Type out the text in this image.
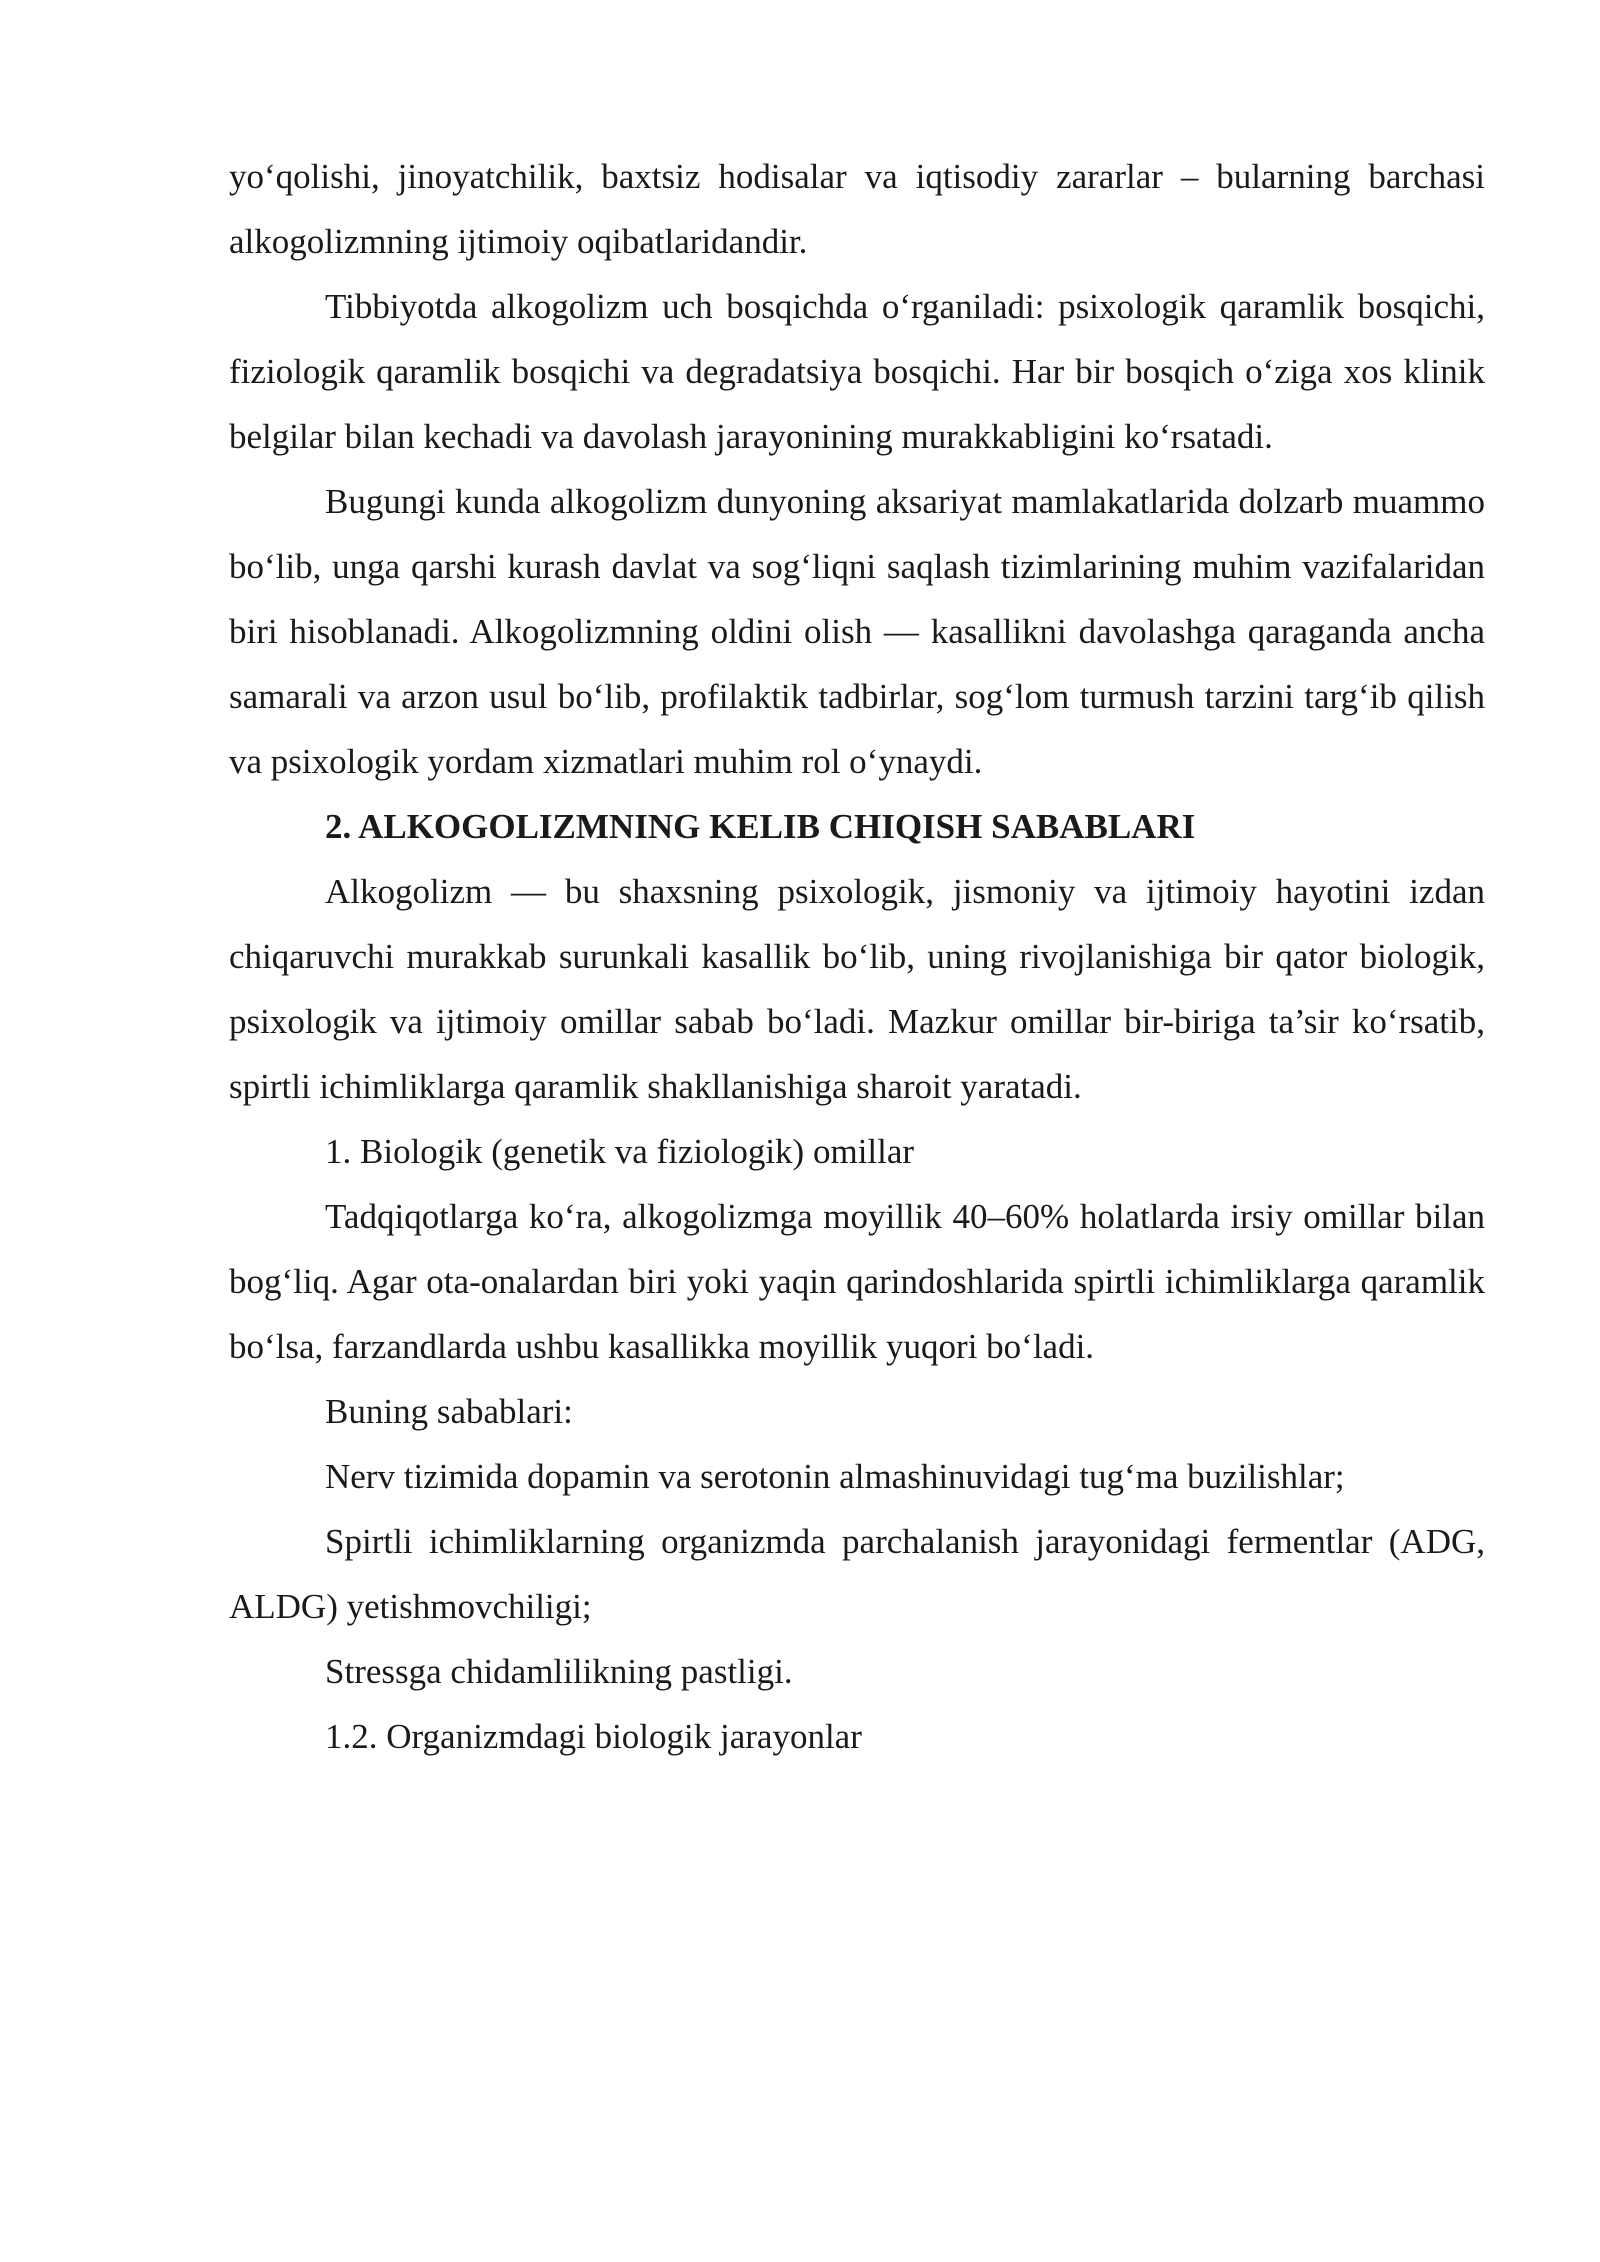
yo‘qolishi, jinoyatchilik, baxtsiz hodisalar va iqtisodiy zararlar – bularning barchasi alkogolizmning ijtimoiy oqibatlaridandir.

Tibbiyotda alkogolizm uch bosqichda o‘rganiladi: psixologik qaramlik bosqichi, fiziologik qaramlik bosqichi va degradatsiya bosqichi. Har bir bosqich o‘ziga xos klinik belgilar bilan kechadi va davolash jarayonining murakkabligini ko‘rsatadi.

Bugungi kunda alkogolizm dunyoning aksariyat mamlakatlarida dolzarb muammo bo‘lib, unga qarshi kurash davlat va sog‘liqni saqlash tizimlarining muhim vazifalaridan biri hisoblanadi. Alkogolizmning oldini olish — kasallikni davolashga qaraganda ancha samarali va arzon usul bo‘lib, profilaktik tadbirlar, sog‘lom turmush tarzini targ‘ib qilish va psixologik yordam xizmatlari muhim rol o‘ynaydi.

2. ALKOGOLIZMNING KELIB CHIQISH SABABLARI

Alkogolizm — bu shaxsning psixologik, jismoniy va ijtimoiy hayotini izdan chiqaruvchi murakkab surunkali kasallik bo‘lib, uning rivojlanishiga bir qator biologik, psixologik va ijtimoiy omillar sabab bo‘ladi. Mazkur omillar bir-biriga ta’sir ko‘rsatib, spirtli ichimliklarga qaramlik shakllanishiga sharoit yaratadi.

1. Biologik (genetik va fiziologik) omillar

Tadqiqotlarga ko‘ra, alkogolizmga moyillik 40–60% holatlarda irsiy omillar bilan bog‘liq. Agar ota-onalardan biri yoki yaqin qarindoshlarida spirtli ichimliklarga qaramlik bo‘lsa, farzandlarda ushbu kasallikka moyillik yuqori bo‘ladi.

Buning sabablari:

Nerv tizimida dopamin va serotonin almashinuvidagi tug‘ma buzilishlar;

Spirtli ichimliklarning organizmda parchalanish jarayonidagi fermentlar (ADG, ALDG) yetishmovchiligi;

Stressga chidamlilikning pastligi.

1.2. Organizmdagi biologik jarayonlar
